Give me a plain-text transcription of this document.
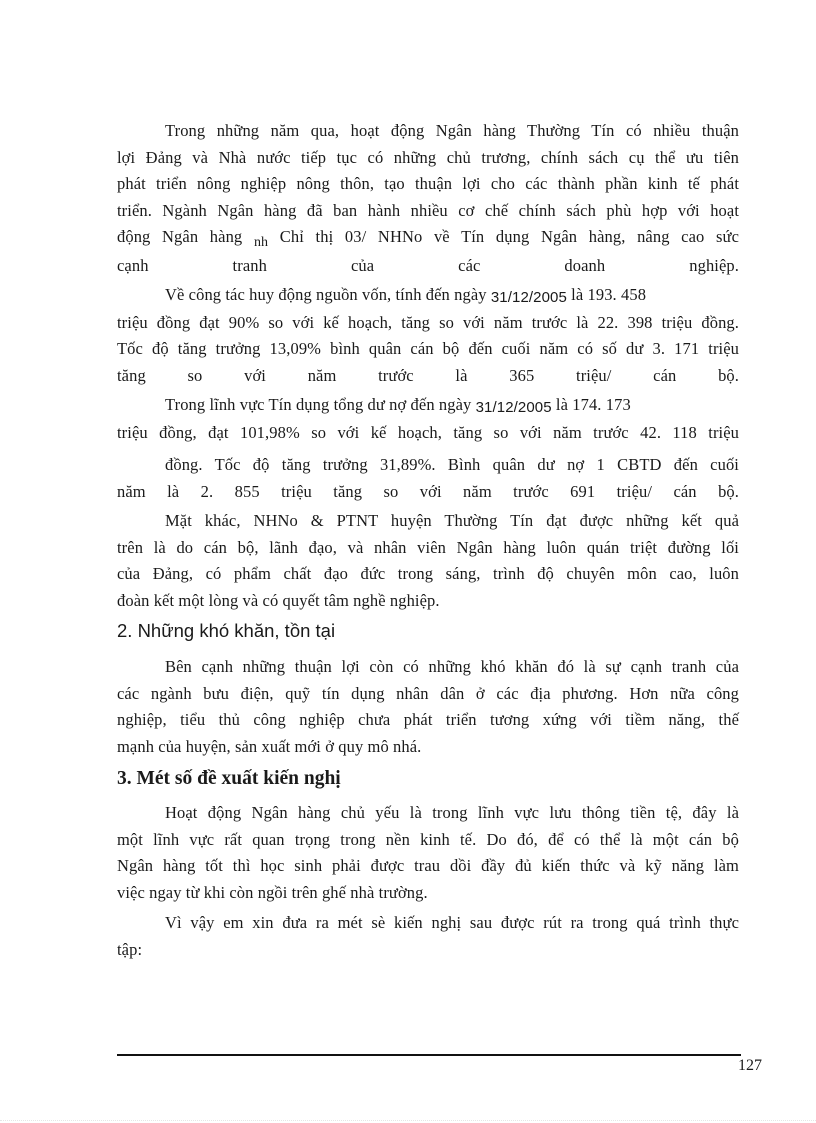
Trong những năm qua, hoạt động Ngân hàng Thường Tín có nhiều thuận
lợi Đảng và Nhà nước tiếp tục có những chủ trương, chính sách cụ thể ưu tiên
phát triển nông nghiệp nông thôn, tạo thuận lợi cho các thành phần kinh tế phát
triển. Ngành Ngân hàng đã ban hành nhiều cơ chế chính sách phù hợp với hoạt
động Ngân hàng $_{nh}$ Chỉ thị 03/ NHNo về Tín dụng Ngân hàng, nâng cao sức
cạnh tranh của các doanh nghiệp.
Về công tác huy động nguồn vốn, tính đến ngày 31/12/2005 là 193. 458
triệu đồng đạt 90% so với kế hoạch, tăng so với năm trước là 22. 398 triệu đồng.
Tốc độ tăng trưởng 13,09% bình quân cán bộ đến cuối năm có số dư 3. 171 triệu
tăng so với năm trước là 365 triệu/ cán bộ.
Trong lĩnh vực Tín dụng tổng dư nợ đến ngày 31/12/2005 là 174. 173
triệu đồng, đạt 101,98% so với kế hoạch, tăng so với năm trước 42. 118 triệu
đồng. Tốc độ tăng trưởng 31,89%. Bình quân dư nợ 1 CBTD đến cuối
năm là 2. 855 triệu tăng so với năm trước 691 triệu/ cán bộ.
Mặt khác, NHNo & PTNT huyện Thường Tín đạt được những kết quả
trên là do cán bộ, lãnh đạo, và nhân viên Ngân hàng luôn quán triệt đường lối
của Đảng, có phẩm chất đạo đức trong sáng, trình độ chuyên môn cao, luôn
đoàn kết một lòng và có quyết tâm nghề nghiệp.
2. Những khó khăn, tồn tại
Bên cạnh những thuận lợi còn có những khó khăn đó là sự cạnh tranh của
các ngành bưu điện, quỹ tín dụng nhân dân ở các địa phương. Hơn nữa công
nghiệp, tiểu thủ công nghiệp chưa phát triển tương xứng với tiềm năng, thế
mạnh của huyện, sản xuất mới ở quy mô nhá.
3. Mét số đề xuất kiến nghị
Hoạt động Ngân hàng chủ yếu là trong lĩnh vực lưu thông tiền tệ, đây là
một lĩnh vực rất quan trọng trong nền kinh tế. Do đó, để có thể là một cán bộ
Ngân hàng tốt thì học sinh phải được trau dồi đầy đủ kiến thức và kỹ năng làm
việc ngay từ khi còn ngồi trên ghế nhà trường.
Vì vậy em xin đưa ra mét sè kiến nghị sau được rút ra trong quá trình thực
tập:
127
